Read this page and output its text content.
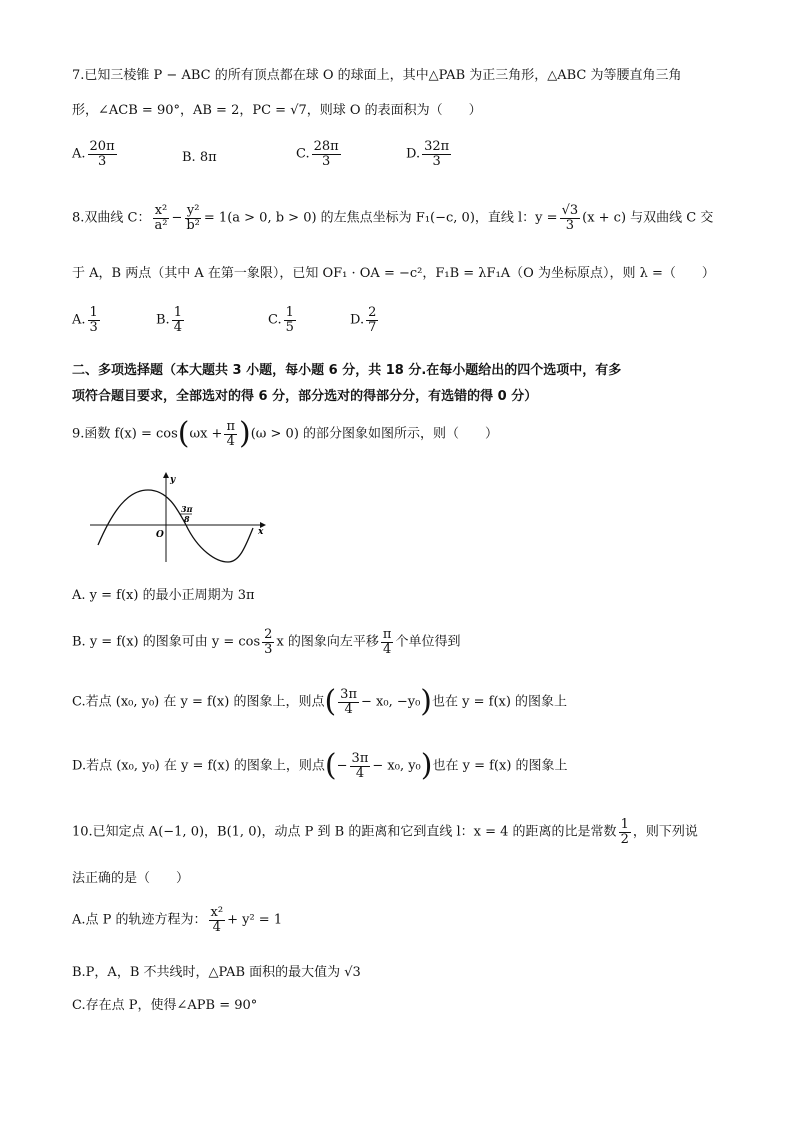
7.已知三棱锥 P − ABC 的所有顶点都在球 O 的球面上，其中△PAB 为正三角形，△ABC 为等腰直角三角
形，∠ACB = 90°，AB = 2，PC = √7，则球 O 的表面积为（　　）
A. $\frac{20\pi}{3}$	B. 8π	C. $\frac{28\pi}{3}$	D. $\frac{32\pi}{3}$
8.双曲线 C： $\frac{\text{x²}}{\text{a²}} - \frac{\text{y²}}{\text{b²}} = 1(a > 0$, b > 0) 的左焦点坐标为 F₁(−c, 0)，直线 l：$y = \frac{√3}{3} (x + c)$ 与双曲线 C 交
于 A，B 两点（其中 A 在第一象限），已知 OF₁ · OA = −c²，F₁B = λF₁A（O 为坐标原点），则 λ =（　　）
A. $\frac{1}{3}$	B. $\frac{1}{4}$	C. $\frac{1}{5}$	D. $\frac{2}{7}$
二、多项选择题（本大题共 3 小题，每小题 6 分，共 18 分.在每小题给出的四个选项中，有多
项符合题目要求，全部选对的得 6 分，部分选对的得部分分，有选错的得 0 分）
9.函数 $f(x) = \cos(\omega x + \frac{\pi}{4} )(\omega > 0)$ 的部分图象如图所示，则（　　）
y
x
O
3π
8
A. y = f(x) 的最小正周期为 3π
B. y = f(x) 的图象可由 $y = \cos \frac{2}{3}$ x 的图象向左平移 $\frac{\pi}{4}$ 个单位得到
C.若点 (x₀, y₀) 在 y = f(x) 的图象上，则点( $\frac{3\pi}{4} - x_0$, −y₀)也在 y = f(x) 的图象上
D.若点 (x₀, y₀) 在 y = f(x) 的图象上，则点(− $\frac{3\pi}{4} - x_0$, y₀)也在 y = f(x) 的图象上
10.已知定点 A(−1, 0)，B(1, 0)，动点 P 到 B 的距离和它到直线 l：x = 4 的距离的比是常数 $\frac{1}{2}$ ，则下列说
法正确的是（　　）
A.点 P 的轨迹方程为： $\frac{\text{x²}}{4} + y^2 = 1$
B.P，A，B 不共线时，△PAB 面积的最大值为 √3
C.存在点 P，使得∠APB = 90°
